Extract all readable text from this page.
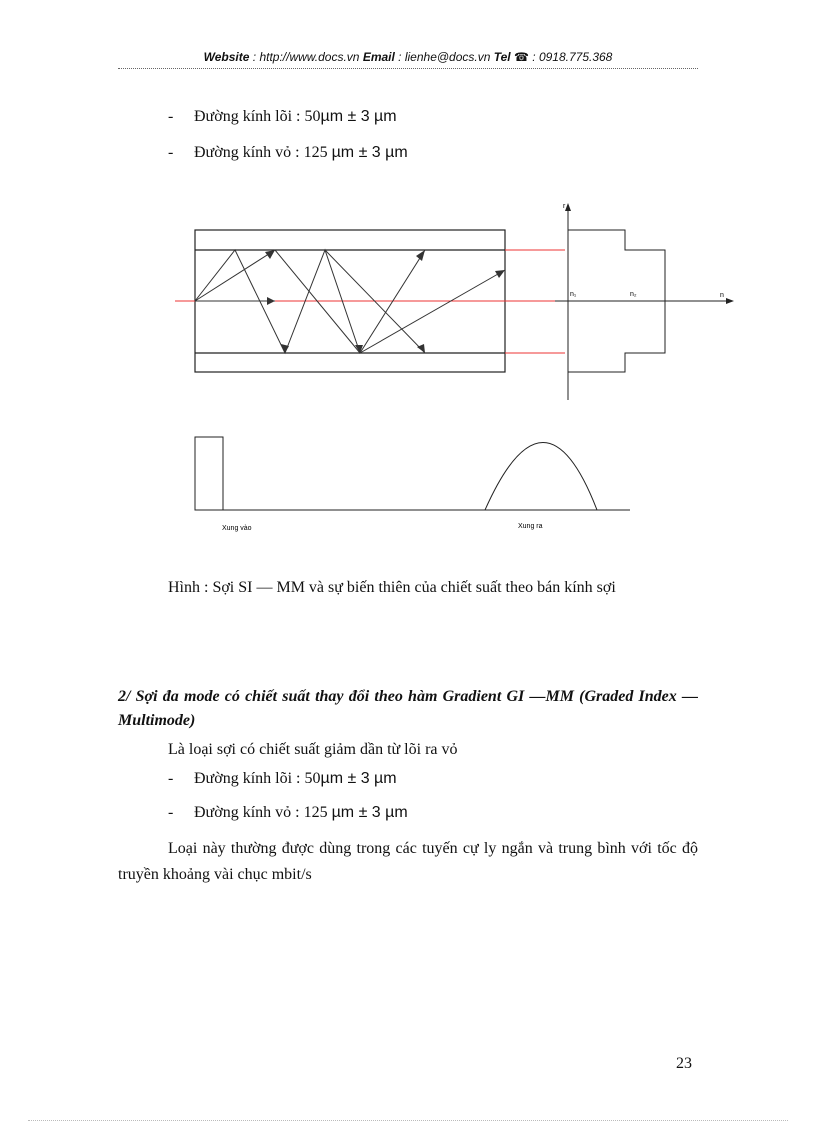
Website : http://www.docs.vn Email : lienhe@docs.vn Tel ☎ : 0918.775.368
- Đường kính lõi : 50µm ± 3 µm
- Đường kính vỏ : 125 µm ± 3 µm
r
n
n₁	n₂
Xung vào	Xung ra
Hình : Sợi SI — MM và sự biến thiên của chiết suất theo bán kính sợi
2/ Sợi đa mode có chiết suất thay đổi theo hàm Gradient GI —MM (Graded Index —Multimode)
Là loại sợi có chiết suất giảm dần từ lõi ra vỏ
- Đường kính lõi : 50µm ± 3 µm
- Đường kính vỏ : 125 µm ± 3 µm
Loại này thường được dùng trong các tuyến cự ly ngắn và trung bình với tốc độ truyền khoảng vài chục mbit/s
23
